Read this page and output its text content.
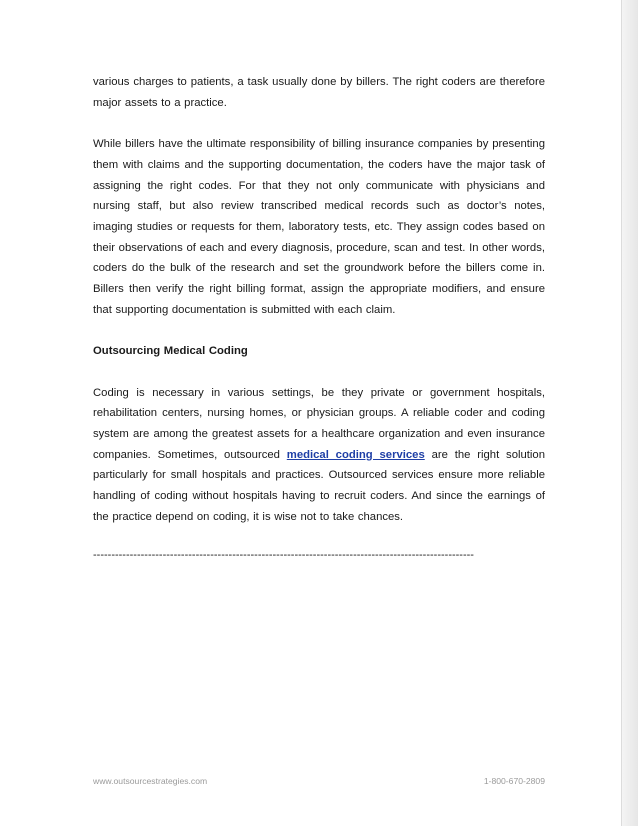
various charges to patients, a task usually done by billers. The right coders are therefore major assets to a practice.

While billers have the ultimate responsibility of billing insurance companies by presenting them with claims and the supporting documentation, the coders have the major task of assigning the right codes. For that they not only communicate with physicians and nursing staff, but also review transcribed medical records such as doctor’s notes, imaging studies or requests for them, laboratory tests, etc. They assign codes based on their observations of each and every diagnosis, procedure, scan and test. In other words, coders do the bulk of the research and set the groundwork before the billers come in. Billers then verify the right billing format, assign the appropriate modifiers, and ensure that supporting documentation is submitted with each claim.

Outsourcing Medical Coding

Coding is necessary in various settings, be they private or government hospitals, rehabilitation centers, nursing homes, or physician groups. A reliable coder and coding system are among the greatest assets for a healthcare organization and even insurance companies. Sometimes, outsourced medical coding services are the right solution particularly for small hospitals and practices. Outsourced services ensure more reliable handling of coding without hospitals having to recruit coders. And since the earnings of the practice depend on coding, it is wise not to take chances.

--------------------------------------------------------------------------------------------------------
www.outsourcestrategies.com	1-800-670-2809
